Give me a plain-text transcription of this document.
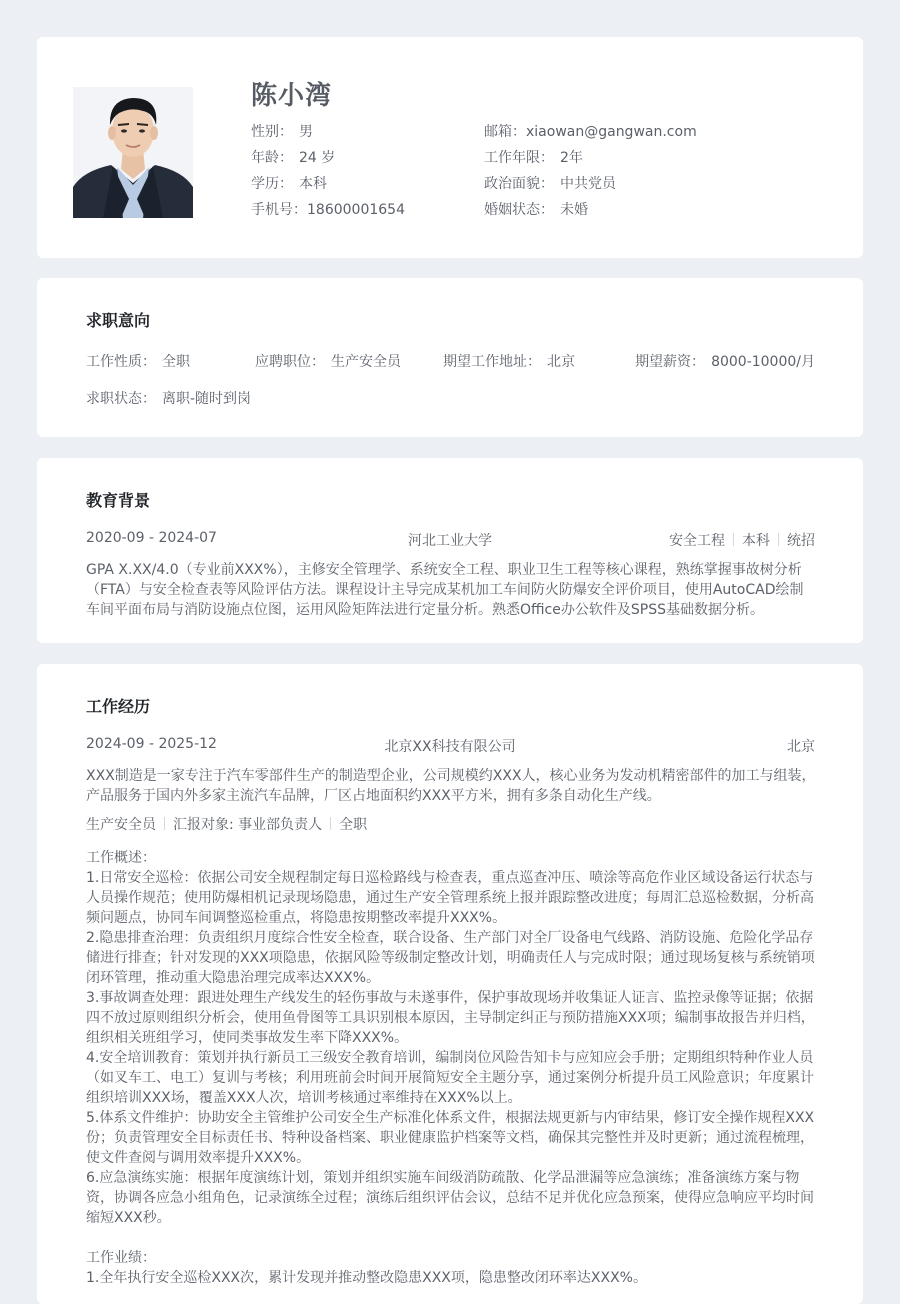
陈小湾
性别： 男
年龄： 24 岁
学历： 本科
手机号：18600001654
邮箱：xiaowan@gangwan.com
工作年限： 2年
政治面貌： 中共党员
婚姻状态： 未婚
求职意向
工作性质： 全职	应聘职位： 生产安全员	期望工作地址： 北京	期望薪资： 8000-10000/月
求职状态： 离职-随时到岗
教育背景
2020-09 - 2024-07	河北工业大学	安全工程 本科 统招
GPA X.XX/4.0（专业前XXX%），主修安全管理学、系统安全工程、职业卫生工程等核心课程，熟练掌握事故树分析（FTA）与安全检查表等风险评估方法。课程设计主导完成某机加工车间防火防爆安全评价项目，使用AutoCAD绘制车间平面布局与消防设施点位图，运用风险矩阵法进行定量分析。熟悉Office办公软件及SPSS基础数据分析。
工作经历
2024-09 - 2025-12	北京XX科技有限公司	北京
XXX制造是一家专注于汽车零部件生产的制造型企业，公司规模约XXX人，核心业务为发动机精密部件的加工与组装，产品服务于国内外多家主流汽车品牌，厂区占地面积约XXX平方米，拥有多条自动化生产线。
生产安全员 汇报对象: 事业部负责人 全职
工作概述：
1.日常安全巡检：依据公司安全规程制定每日巡检路线与检查表，重点巡查冲压、喷涂等高危作业区域设备运行状态与人员操作规范；使用防爆相机记录现场隐患，通过生产安全管理系统上报并跟踪整改进度；每周汇总巡检数据，分析高频问题点，协同车间调整巡检重点，将隐患按期整改率提升XXX%。
2.隐患排查治理：负责组织月度综合性安全检查，联合设备、生产部门对全厂设备电气线路、消防设施、危险化学品存储进行排查；针对发现的XXX项隐患，依据风险等级制定整改计划，明确责任人与完成时限；通过现场复核与系统销项闭环管理，推动重大隐患治理完成率达XXX%。
3.事故调查处理：跟进处理生产线发生的轻伤事故与未遂事件，保护事故现场并收集证人证言、监控录像等证据；依据四不放过原则组织分析会，使用鱼骨图等工具识别根本原因，主导制定纠正与预防措施XXX项；编制事故报告并归档，组织相关班组学习，使同类事故发生率下降XXX%。
4.安全培训教育：策划并执行新员工三级安全教育培训，编制岗位风险告知卡与应知应会手册；定期组织特种作业人员（如叉车工、电工）复训与考核；利用班前会时间开展简短安全主题分享，通过案例分析提升员工风险意识；年度累计组织培训XXX场，覆盖XXX人次，培训考核通过率维持在XXX%以上。
5.体系文件维护：协助安全主管维护公司安全生产标准化体系文件，根据法规更新与内审结果，修订安全操作规程XXX份；负责管理安全目标责任书、特种设备档案、职业健康监护档案等文档，确保其完整性并及时更新；通过流程梳理，使文件查阅与调用效率提升XXX%。
6.应急演练实施：根据年度演练计划，策划并组织实施车间级消防疏散、化学品泄漏等应急演练；准备演练方案与物资，协调各应急小组角色，记录演练全过程；演练后组织评估会议，总结不足并优化应急预案，使得应急响应平均时间缩短XXX秒。
工作业绩：
1.全年执行安全巡检XXX次，累计发现并推动整改隐患XXX项，隐患整改闭环率达XXX%。
